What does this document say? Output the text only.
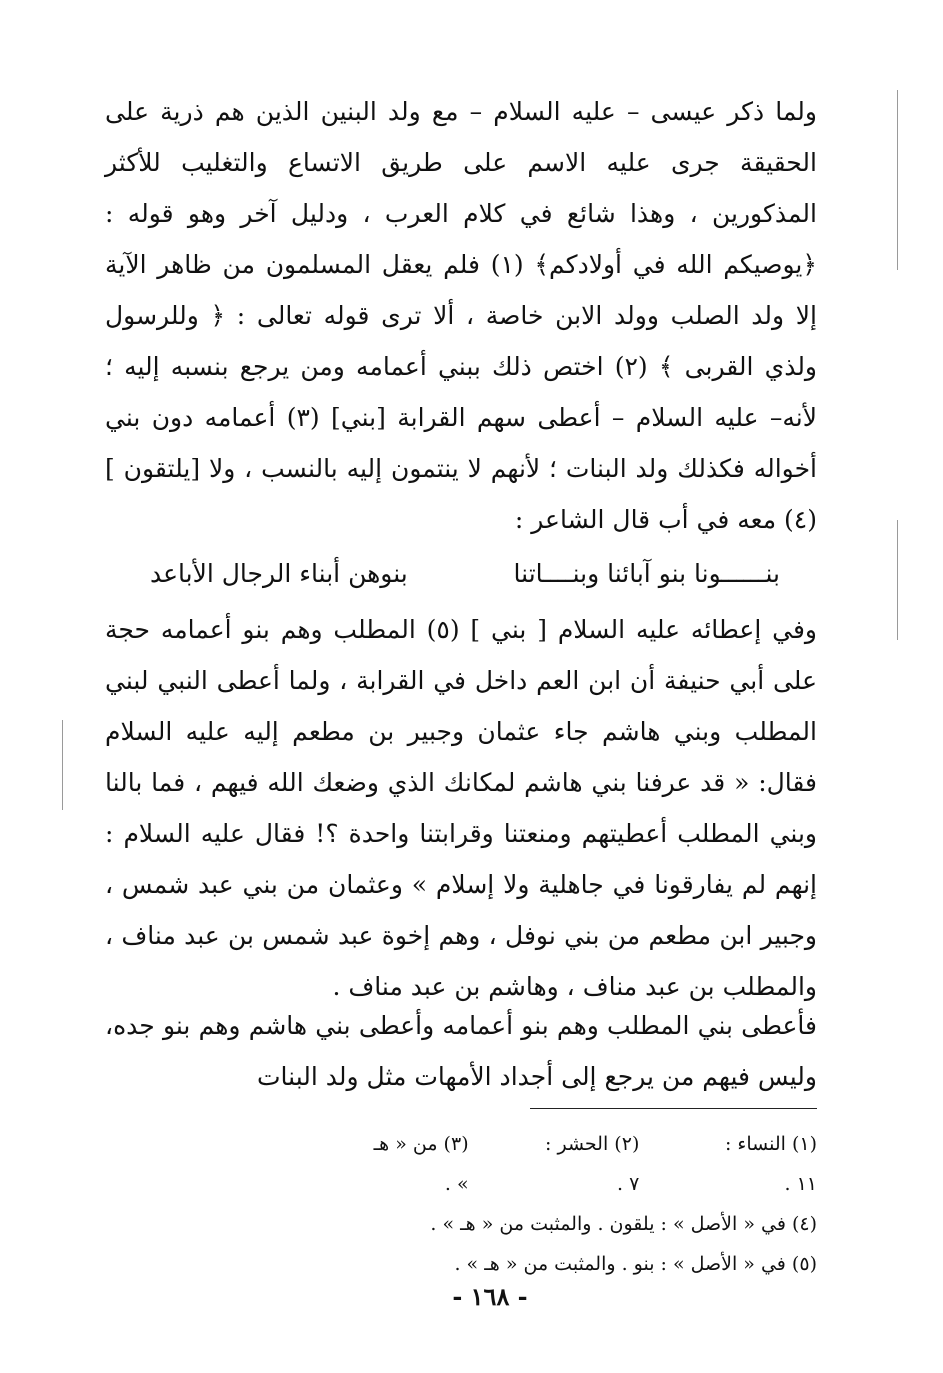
ولما ذكر عيسى – عليه السلام – مع ولد البنين الذين هم ذرية على الحقيقة جرى عليه الاسم على طريق الاتساع والتغليب للأكثر المذكورين ، وهذا شائع في كلام العرب ، ودليل آخر وهو قوله : ﴿يوصيكم الله في أولادكم﴾ (١) فلم يعقل المسلمون من ظاهر الآية إلا ولد الصلب وولد الابن خاصة ، ألا ترى قوله تعالى : ﴿ وللرسول ولذي القربى ﴾ (٢) اختص ذلك ببني أعمامه ومن يرجع بنسبه إليه ؛ لأنه– عليه السلام – أعطى سهم القرابة [بني] (٣) أعمامه دون بني أخواله فكذلك ولد البنات ؛ لأنهم لا ينتمون إليه بالنسب ، ولا [يلتقون ] (٤) معه في أب قال الشاعر :

بنــــــونا بنو آبائنا وبنــــاتنا
بنوهن أبناء الرجال الأباعد

وفي إعطائه عليه السلام [ بني ] (٥) المطلب وهم بنو أعمامه حجة على أبي حنيفة أن ابن العم داخل في القرابة ، ولما أعطى النبي لبني المطلب وبني هاشم جاء عثمان وجبير بن مطعم إليه عليه السلام فقال: « قد عرفنا بني هاشم لمكانك الذي وضعك الله فيهم ، فما بالنا وبني المطلب أعطيتهم ومنعتنا وقرابتنا واحدة ؟! فقال عليه السلام : إنهم لم يفارقونا في جاهلية ولا إسلام » وعثمان من بني عبد شمس ، وجبير ابن مطعم من بني نوفل ، وهم إخوة عبد شمس بن عبد مناف ، والمطلب بن عبد مناف ، وهاشم بن عبد مناف .

فأعطى بني المطلب وهم بنو أعمامه وأعطى بني هاشم وهم بنو جده، وليس فيهم من يرجع إلى أجداد الأمهات مثل ولد البنات

(١) النساء : ١١ .
(٢) الحشر : ٧ .
(٣) من « هـ » .
(٤) في « الأصل » : يلقون . والمثبت من « هـ » .
(٥) في « الأصل » : بنو . والمثبت من « هـ » .
- ١٦٨ -
